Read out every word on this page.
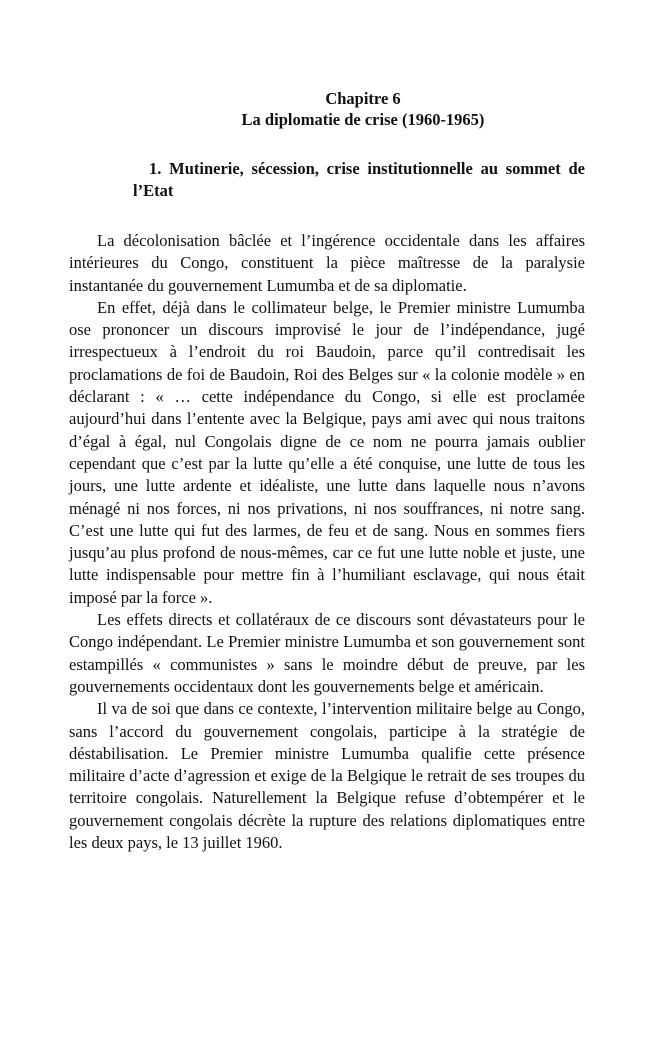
Chapitre 6

La diplomatie de crise (1960-1965)

1. Mutinerie, sécession, crise institutionnelle au sommet de l’Etat

La décolonisation bâclée et l’ingérence occidentale dans les affaires intérieures du Congo, constituent la pièce maîtresse de la paralysie instantanée du gouvernement Lumumba et de sa diplomatie.

En effet, déjà dans le collimateur belge, le Premier ministre Lumumba ose prononcer un discours improvisé le jour de l’indépendance, jugé irrespectueux à l’endroit du roi Baudoin, parce qu’il contredisait les proclamations de foi de Baudoin, Roi des Belges sur « la colonie modèle » en déclarant : « … cette indépendance du Congo, si elle est proclamée aujourd’hui dans l’entente avec la Belgique, pays ami avec qui nous traitons d’égal à égal, nul Congolais digne de ce nom ne pourra jamais oublier cependant que c’est par la lutte qu’elle a été conquise, une lutte de tous les jours, une lutte ardente et idéaliste, une lutte dans laquelle nous n’avons ménagé ni nos forces, ni nos privations, ni nos souffrances, ni notre sang. C’est une lutte qui fut des larmes, de feu et de sang. Nous en sommes fiers jusqu’au plus profond de nous-mêmes, car ce fut une lutte noble et juste, une lutte indispensable pour mettre fin à l’humiliant esclavage, qui nous était imposé par la force ».

Les effets directs et collatéraux de ce discours sont dévastateurs pour le Congo indépendant. Le Premier ministre Lumumba et son gouvernement sont estampillés « communistes » sans le moindre début de preuve, par les gouvernements occidentaux dont les gouvernements belge et américain.

Il va de soi que dans ce contexte, l’intervention militaire belge au Congo, sans l’accord du gouvernement congolais, participe à la stratégie de déstabilisation. Le Premier ministre Lumumba qualifie cette présence militaire d’acte d’agression et exige de la Belgique le retrait de ses troupes du territoire congolais. Naturellement la Belgique refuse d’obtempérer et le gouvernement congolais décrète la rupture des relations diplomatiques entre les deux pays, le 13 juillet 1960.
